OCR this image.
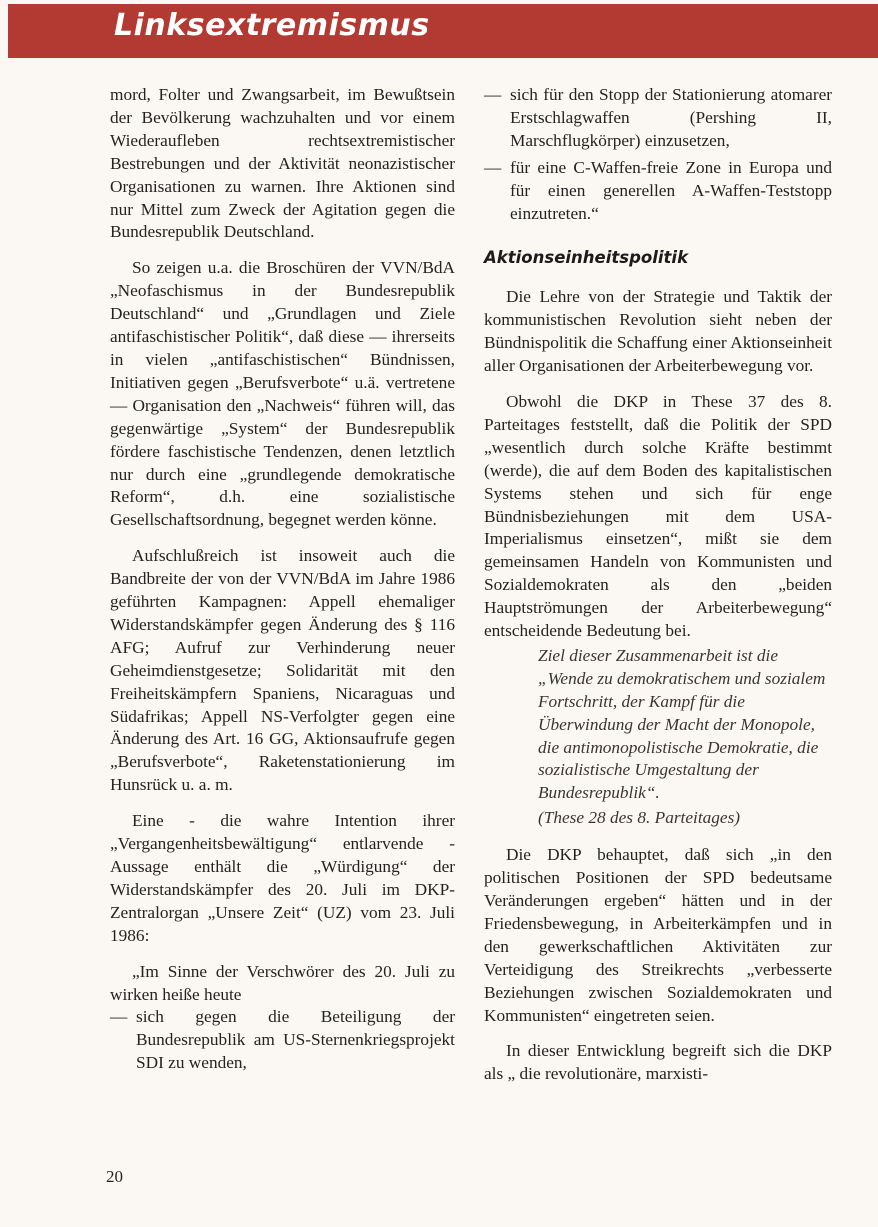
Linksextremismus

mord, Folter und Zwangsarbeit, im Bewußtsein der Bevölkerung wachzuhalten und vor einem Wiederaufleben rechtsextremistischer Bestrebungen und der Aktivität neonazistischer Organisationen zu warnen. Ihre Aktionen sind nur Mittel zum Zweck der Agitation gegen die Bundesrepublik Deutschland.

So zeigen u.a. die Broschüren der VVN/BdA „Neofaschismus in der Bundesrepublik Deutschland“ und „Grundlagen und Ziele antifaschistischer Politik“, daß diese — ihrerseits in vielen „antifaschistischen“ Bündnissen, Initiativen gegen „Berufsverbote“ u.ä. vertretene — Organisation den „Nachweis“ führen will, das gegenwärtige „System“ der Bundesrepublik fördere faschistische Tendenzen, denen letztlich nur durch eine „grundlegende demokratische Reform“, d.h. eine sozialistische Gesellschaftsordnung, begegnet werden könne.

Aufschlußreich ist insoweit auch die Bandbreite der von der VVN/BdA im Jahre 1986 geführten Kampagnen: Appell ehemaliger Widerstandskämpfer gegen Änderung des § 116 AFG; Aufruf zur Verhinderung neuer Geheimdienstgesetze; Solidarität mit den Freiheitskämpfern Spaniens, Nicaraguas und Südafrikas; Appell NS-Verfolgter gegen eine Änderung des Art. 16 GG, Aktionsaufrufe gegen „Berufsverbote“, Raketenstationierung im Hunsrück u. a. m.

Eine - die wahre Intention ihrer „Vergangenheitsbewältigung“ entlarvende - Aussage enthält die „Würdigung“ der Widerstandskämpfer des 20. Juli im DKP-Zentralorgan „Unsere Zeit“ (UZ) vom 23. Juli 1986:

„Im Sinne der Verschwörer des 20. Juli zu wirken heiße heute

— sich gegen die Beteiligung der Bundesrepublik am US-Sternenkriegsprojekt SDI zu wenden,
— sich für den Stopp der Stationierung atomarer Erstschlagwaffen (Pershing II, Marschflugkörper) einzusetzen,
— für eine C-Waffen-freie Zone in Europa und für einen generellen A-Waffen-Teststopp einzutreten.“
Aktionseinheitspolitik

Die Lehre von der Strategie und Taktik der kommunistischen Revolution sieht neben der Bündnispolitik die Schaffung einer Aktionseinheit aller Organisationen der Arbeiterbewegung vor.

Obwohl die DKP in These 37 des 8. Parteitages feststellt, daß die Politik der SPD „wesentlich durch solche Kräfte bestimmt (werde), die auf dem Boden des kapitalistischen Systems stehen und sich für enge Bündnisbeziehungen mit dem USA-Imperialismus einsetzen“, mißt sie dem gemeinsamen Handeln von Kommunisten und Sozialdemokraten als den „beiden Hauptströmungen der Arbeiterbewegung“ entscheidende Bedeutung bei.

Ziel dieser Zusammenarbeit ist die „Wende zu demokratischem und sozialem Fortschritt, der Kampf für die Überwindung der Macht der Monopole, die antimonopolistische Demokratie, die sozialistische Umgestaltung der Bundesrepublik“.
(These 28 des 8. Parteitages)

Die DKP behauptet, daß sich „in den politischen Positionen der SPD bedeutsame Veränderungen ergeben“ hätten und in der Friedensbewegung, in Arbeiterkämpfen und in den gewerkschaftlichen Aktivitäten zur Verteidigung des Streikrechts „verbesserte Beziehungen zwischen Sozialdemokraten und Kommunisten“ eingetreten seien.

In dieser Entwicklung begreift sich die DKP als „ die revolutionäre, marxisti-

20
